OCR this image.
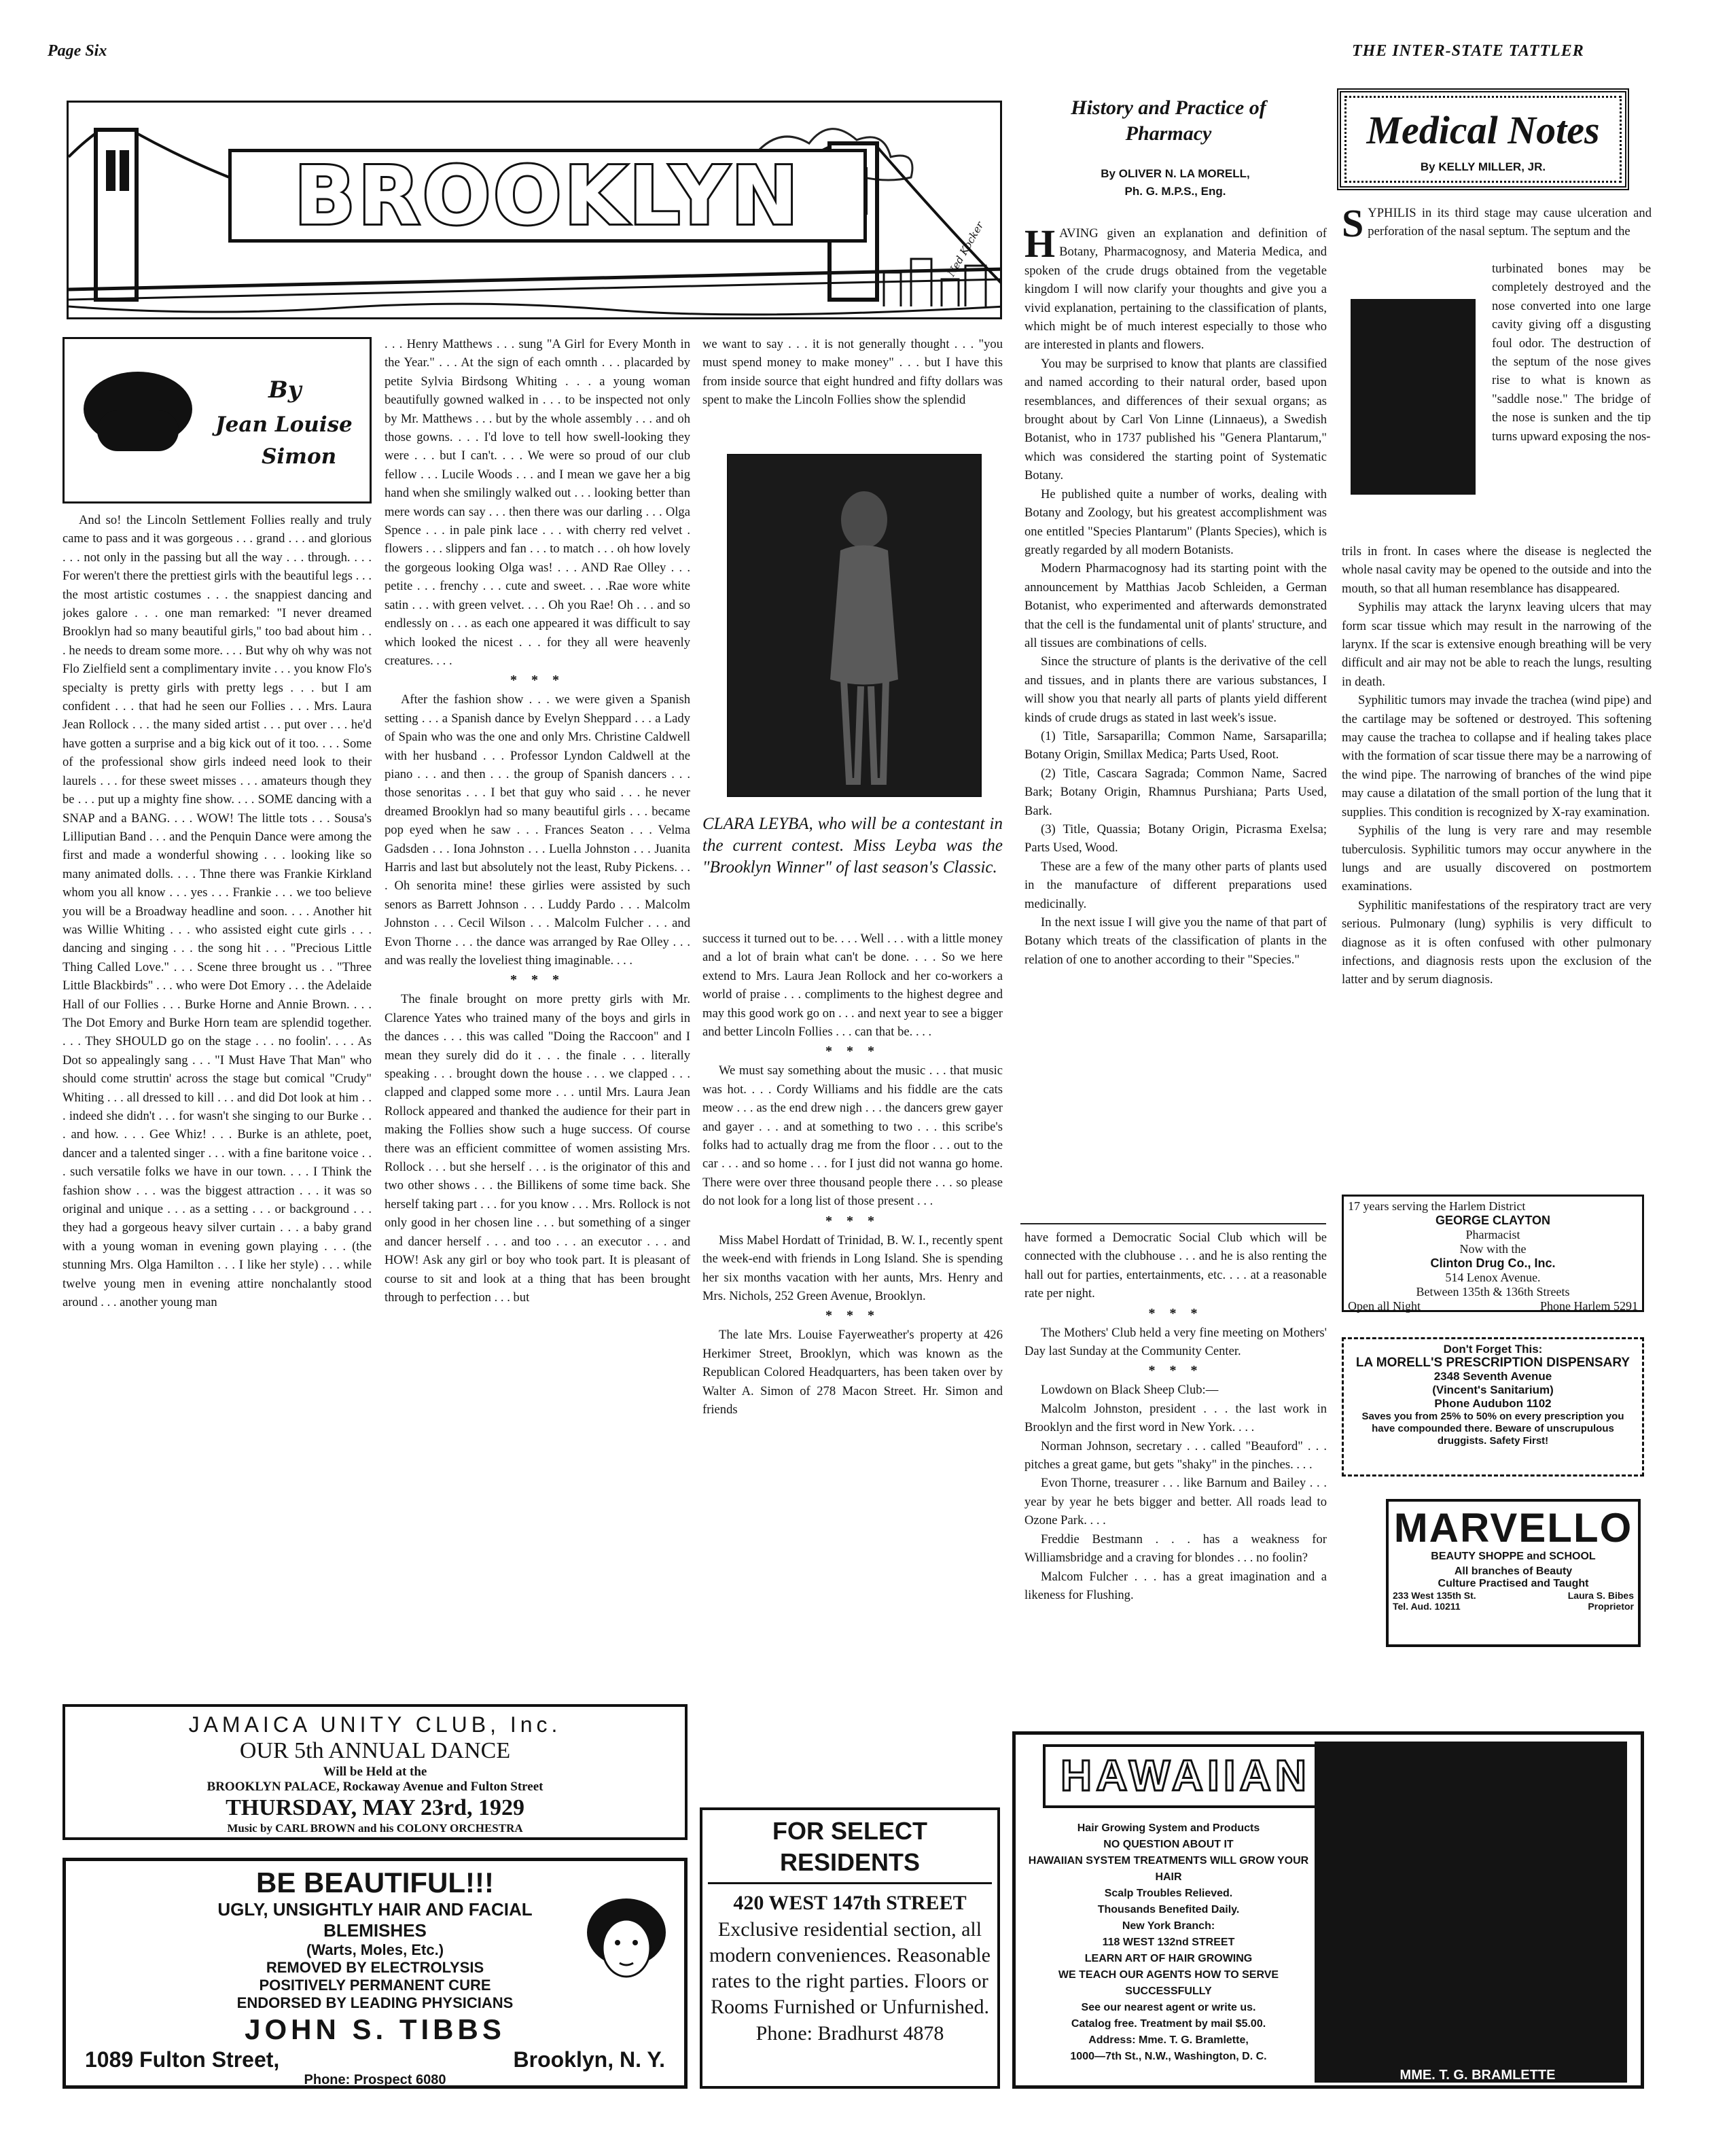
Page Six	THE INTER-STATE TATTLER
BROOKLYN
Ned Kocker
By
Jean Louise
Simon

And so! the Lincoln Settlement Follies really and truly came to pass and it was gorgeous . . . grand . . . and glorious . . . not only in the passing but all the way . . . through. . . . For weren't there the prettiest girls with the beautiful legs . . . the most artistic costumes . . . the snappiest dancing and jokes galore . . . one man remarked: "I never dreamed Brooklyn had so many beautiful girls," too bad about him . . . he needs to dream some more. . . . But why oh why was not Flo Zielfield sent a complimentary invite . . . you know Flo's specialty is pretty girls with pretty legs . . . but I am confident . . . that had he seen our Follies . . . Mrs. Laura Jean Rollock . . . the many sided artist . . . put over . . . he'd have gotten a surprise and a big kick out of it too. . . . Some of the professional show girls indeed need look to their laurels . . . for these sweet misses . . . amateurs though they be . . . put up a mighty fine show. . . . SOME dancing with a SNAP and a BANG. . . . WOW! The little tots . . . Sousa's Lilliputian Band . . . and the Penquin Dance were among the first and made a wonderful showing . . . looking like so many animated dolls. . . . Thne there was Frankie Kirkland whom you all know . . . yes . . . Frankie . . . we too believe you will be a Broadway headline and soon. . . . Another hit was Willie Whiting . . . who assisted eight cute girls . . . dancing and singing . . . the song hit . . . "Precious Little Thing Called Love." . . . Scene three brought us . . "Three Little Blackbirds" . . . who were Dot Emory . . . the Adelaide Hall of our Follies . . . Burke Horne and Annie Brown. . . . The Dot Emory and Burke Horn team are splendid together. . . . They SHOULD go on the stage . . . no foolin'. . . . As Dot so appealingly sang . . . "I Must Have That Man" who should come struttin' across the stage but comical "Crudy" Whiting . . . all dressed to kill . . . and did Dot look at him . . . indeed she didn't . . . for wasn't she singing to our Burke . . . and how. . . . Gee Whiz! . . . Burke is an athlete, poet, dancer and a talented singer . . . with a fine baritone voice . . . such versatile folks we have in our town. . . . I Think the fashion show . . . was the biggest attraction . . . it was so original and unique . . . as a setting . . . or background . . . they had a gorgeous heavy silver curtain . . . a baby grand with a young woman in evening gown playing . . . (the stunning Mrs. Olga Hamilton . . . I like her style) . . . while twelve young men in evening attire nonchalantly stood around . . . another young man

. . . Henry Matthews . . . sung "A Girl for Every Month in the Year." . . . At the sign of each omnth . . . placarded by petite Sylvia Birdsong Whiting . . . a young woman beautifully gowned walked in . . . to be inspected not only by Mr. Matthews . . . but by the whole assembly . . . and oh those gowns. . . . I'd love to tell how swell-looking they were . . . but I can't. . . . We were so proud of our club fellow . . . Lucile Woods . . . and I mean we gave her a big hand when she smilingly walked out . . . looking better than mere words can say . . . then there was our darling . . . Olga Spence . . . in pale pink lace . . . with cherry red velvet . flowers . . . slippers and fan . . . to match . . . oh how lovely the gorgeous looking Olga was! . . . AND Rae Olley . . . petite . . . frenchy . . . cute and sweet. . . .Rae wore white satin . . . with green velvet. . . . Oh you Rae! Oh . . . and so endlessly on . . . as each one appeared it was difficult to say which looked the nicest . . . for they all were heavenly creatures. . . .

* * *

After the fashion show . . . we were given a Spanish setting . . . a Spanish dance by Evelyn Sheppard . . . a Lady of Spain who was the one and only Mrs. Christine Caldwell with her husband . . . Professor Lyndon Caldwell at the piano . . . and then . . . the group of Spanish dancers . . . those senoritas . . . I bet that guy who said . . . he never dreamed Brooklyn had so many beautiful girls . . . became pop eyed when he saw . . . Frances Seaton . . . Velma Gadsden . . . Iona Johnston . . . Luella Johnston . . . Juanita Harris and last but absolutely not the least, Ruby Pickens. . . . Oh senorita mine! these girlies were assisted by such senors as Barrett Johnson . . . Luddy Pardo . . . Malcolm Johnston . . . Cecil Wilson . . . Malcolm Fulcher . . . and Evon Thorne . . . the dance was arranged by Rae Olley . . . and was really the loveliest thing imaginable. . . .

* * *

The finale brought on more pretty girls with Mr. Clarence Yates who trained many of the boys and girls in the dances . . . this was called "Doing the Raccoon" and I mean they surely did do it . . . the finale . . . literally speaking . . . brought down the house . . . we clapped . . . clapped and clapped some more . . . until Mrs. Laura Jean Rollock appeared and thanked the audience for their part in making the Follies show such a huge success. Of course there was an efficient committee of women assisting Mrs. Rollock . . . but she herself . . . is the originator of this and two other shows . . . the Billikens of some time back. She herself taking part . . . for you know . . . Mrs. Rollock is not only good in her chosen line . . . but something of a singer and dancer herself . . . and too . . . an executor . . . and HOW! Ask any girl or boy who took part. It is pleasant of course to sit and look at a thing that has been brought through to perfection . . . but

we want to say . . . it is not generally thought . . . "you must spend money to make money" . . . but I have this from inside source that eight hundred and fifty dollars was spent to make the Lincoln Follies show the splendid

CLARA LEYBA, who will be a contestant in the current contest. Miss Leyba was the "Brooklyn Winner" of last season's Classic.

success it turned out to be. . . . Well . . . with a little money and a lot of brain what can't be done. . . . So we here extend to Mrs. Laura Jean Rollock and her co-workers a world of praise . . . compliments to the highest degree and may this good work go on . . . and next year to see a bigger and better Lincoln Follies . . . can that be. . . .

* * *

We must say something about the music . . . that music was hot. . . . Cordy Williams and his fiddle are the cats meow . . . as the end drew nigh . . . the dancers grew gayer and gayer . . . and at something to two . . . this scribe's folks had to actually drag me from the floor . . . out to the car . . . and so home . . . for I just did not wanna go home. There were over three thousand people there . . . so please do not look for a long list of those present . . .

* * *

Miss Mabel Hordatt of Trinidad, B. W. I., recently spent the week-end with friends in Long Island. She is spending her six months vacation with her aunts, Mrs. Henry and Mrs. Nichols, 252 Green Avenue, Brooklyn.

* * *

The late Mrs. Louise Fayerweather's property at 426 Herkimer Street, Brooklyn, which was known as the Republican Colored Headquarters, has been taken over by Walter A. Simon of 278 Macon Street. Hr. Simon and friends

History and Practice of Pharmacy
By OLIVER N. LA MORELL,
Ph. G. M.P.S., Eng.
H AVING given an explanation and definition of Botany, Pharmacognosy, and Materia Medica, and spoken of the crude drugs obtained from the vegetable kingdom I will now clarify your thoughts and give you a vivid explanation, pertaining to the classification of plants, which might be of much interest especially to those who are interested in plants and flowers.

You may be surprised to know that plants are classified and named according to their natural order, based upon resemblances, and differences of their sexual organs; as brought about by Carl Von Linne (Linnaeus), a Swedish Botanist, who in 1737 published his "Genera Plantarum," which was considered the starting point of Systematic Botany.

He published quite a number of works, dealing with Botany and Zoology, but his greatest accomplishment was one entitled "Species Plantarum" (Plants Species), which is greatly regarded by all modern Botanists.

Modern Pharmacognosy had its starting point with the announcement by Matthias Jacob Schleiden, a German Botanist, who experimented and afterwards demonstrated that the cell is the fundamental unit of plants' structure, and all tissues are combinations of cells.

Since the structure of plants is the derivative of the cell and tissues, and in plants there are various substances, I will show you that nearly all parts of plants yield different kinds of crude drugs as stated in last week's issue.

(1) Title, Sarsaparilla; Common Name, Sarsaparilla; Botany Origin, Smillax Medica; Parts Used, Root.

(2) Title, Cascara Sagrada; Common Name, Sacred Bark; Botany Origin, Rhamnus Purshiana; Parts Used, Bark.

(3) Title, Quassia; Botany Origin, Picrasma Exelsa; Parts Used, Wood.

These are a few of the many other parts of plants used in the manufacture of different preparations used medicinally.

In the next issue I will give you the name of that part of Botany which treats of the classification of plants in the relation of one to another according to their "Species."

have formed a Democratic Social Club which will be connected with the clubhouse . . . and he is also renting the hall out for parties, entertainments, etc. . . . at a reasonable rate per night.

* * *

The Mothers' Club held a very fine meeting on Mothers' Day last Sunday at the Community Center.

* * *

Lowdown on Black Sheep Club:—

Malcolm Johnston, president . . . the last work in Brooklyn and the first word in New York. . . .

Norman Johnson, secretary . . . called "Beauford" . . . pitches a great game, but gets "shaky" in the pinches. . . .

Evon Thorne, treasurer . . . like Barnum and Bailey . . . year by year he bets bigger and better. All roads lead to Ozone Park. . . .

Freddie Bestmann . . . has a weakness for Williamsbridge and a craving for blondes . . . no foolin?

Malcom Fulcher . . . has a great imagination and a likeness for Flushing.

Medical Notes
By KELLY MILLER, JR.
S YPHILIS in its third stage may cause ulceration and perforation of the nasal septum. The septum and the

turbinated bones may be completely destroyed and the nose converted into one large cavity giving off a disgusting foul odor. The destruction of the septum of the nose gives rise to what is known as "saddle nose." The bridge of the nose is sunken and the tip turns upward exposing the nos-

trils in front. In cases where the disease is neglected the whole nasal cavity may be opened to the outside and into the mouth, so that all human resemblance has disappeared.

Syphilis may attack the larynx leaving ulcers that may form scar tissue which may result in the narrowing of the larynx. If the scar is extensive enough breathing will be very difficult and air may not be able to reach the lungs, resulting in death.

Syphilitic tumors may invade the trachea (wind pipe) and the cartilage may be softened or destroyed. This softening may cause the trachea to collapse and if healing takes place with the formation of scar tissue there may be a narrowing of the wind pipe. The narrowing of branches of the wind pipe may cause a dilatation of the small portion of the lung that it supplies. This condition is recognized by X-ray examination.

Syphilis of the lung is very rare and may resemble tuberculosis. Syphilitic tumors may occur anywhere in the lungs and are usually discovered on postmortem examinations.

Syphilitic manifestations of the respiratory tract are very serious. Pulmonary (lung) syphilis is very difficult to diagnose as it is often confused with other pulmonary infections, and diagnosis rests upon the exclusion of the latter and by serum diagnosis.

17 years serving the Harlem District
GEORGE CLAYTON
Pharmacist
Now with the
Clinton Drug Co., Inc.
514 Lenox Avenue.
Between 135th & 136th Streets
Open all Night	Phone Harlem 5291
Don't Forget This:
LA MORELL'S PRESCRIPTION DISPENSARY
2348 Seventh Avenue
(Vincent's Sanitarium)
Phone Audubon 1102
Saves you from 25% to 50% on every prescription you have compounded there. Beware of unscrupulous druggists. Safety First!
MARVELLO
BEAUTY SHOPPE and SCHOOL
All branches of Beauty
Culture Practised and Taught
233 West 135th St.	Laura S. Bibes
Tel. Aud. 10211	Proprietor
JAMAICA UNITY CLUB, Inc.
OUR 5th ANNUAL DANCE
Will be Held at the
BROOKLYN PALACE, Rockaway Avenue and Fulton Street
THURSDAY, MAY 23rd, 1929
Music by CARL BROWN and his COLONY ORCHESTRA
BE BEAUTIFUL!!!
UGLY, UNSIGHTLY HAIR AND FACIAL
BLEMISHES
(Warts, Moles, Etc.)
REMOVED BY ELECTROLYSIS
POSITIVELY PERMANENT CURE
ENDORSED BY LEADING PHYSICIANS
JOHN S. TIBBS
1089 Fulton Street,	Brooklyn, N. Y.
Phone: Prospect 6080
FOR SELECT RESIDENTS
420 WEST 147th STREET
Exclusive residential section, all modern conveniences. Reasonable rates to the right parties. Floors or Rooms Furnished or Unfurnished.
Phone: Bradhurst 4878
HAWAIIAN
Hair Growing System and Products
NO QUESTION ABOUT IT
HAWAIIAN SYSTEM TREATMENTS WILL GROW YOUR HAIR
Scalp Troubles Relieved.
Thousands Benefited Daily.
New York Branch:
118 WEST 132nd STREET
LEARN ART OF HAIR GROWING
WE TEACH OUR AGENTS HOW TO SERVE SUCCESSFULLY
See our nearest agent or write us.
Catalog free. Treatment by mail $5.00.
Address: Mme. T. G. Bramlette,
1000—7th St., N.W., Washington, D. C.
MME. T. G. BRAMLETTE
